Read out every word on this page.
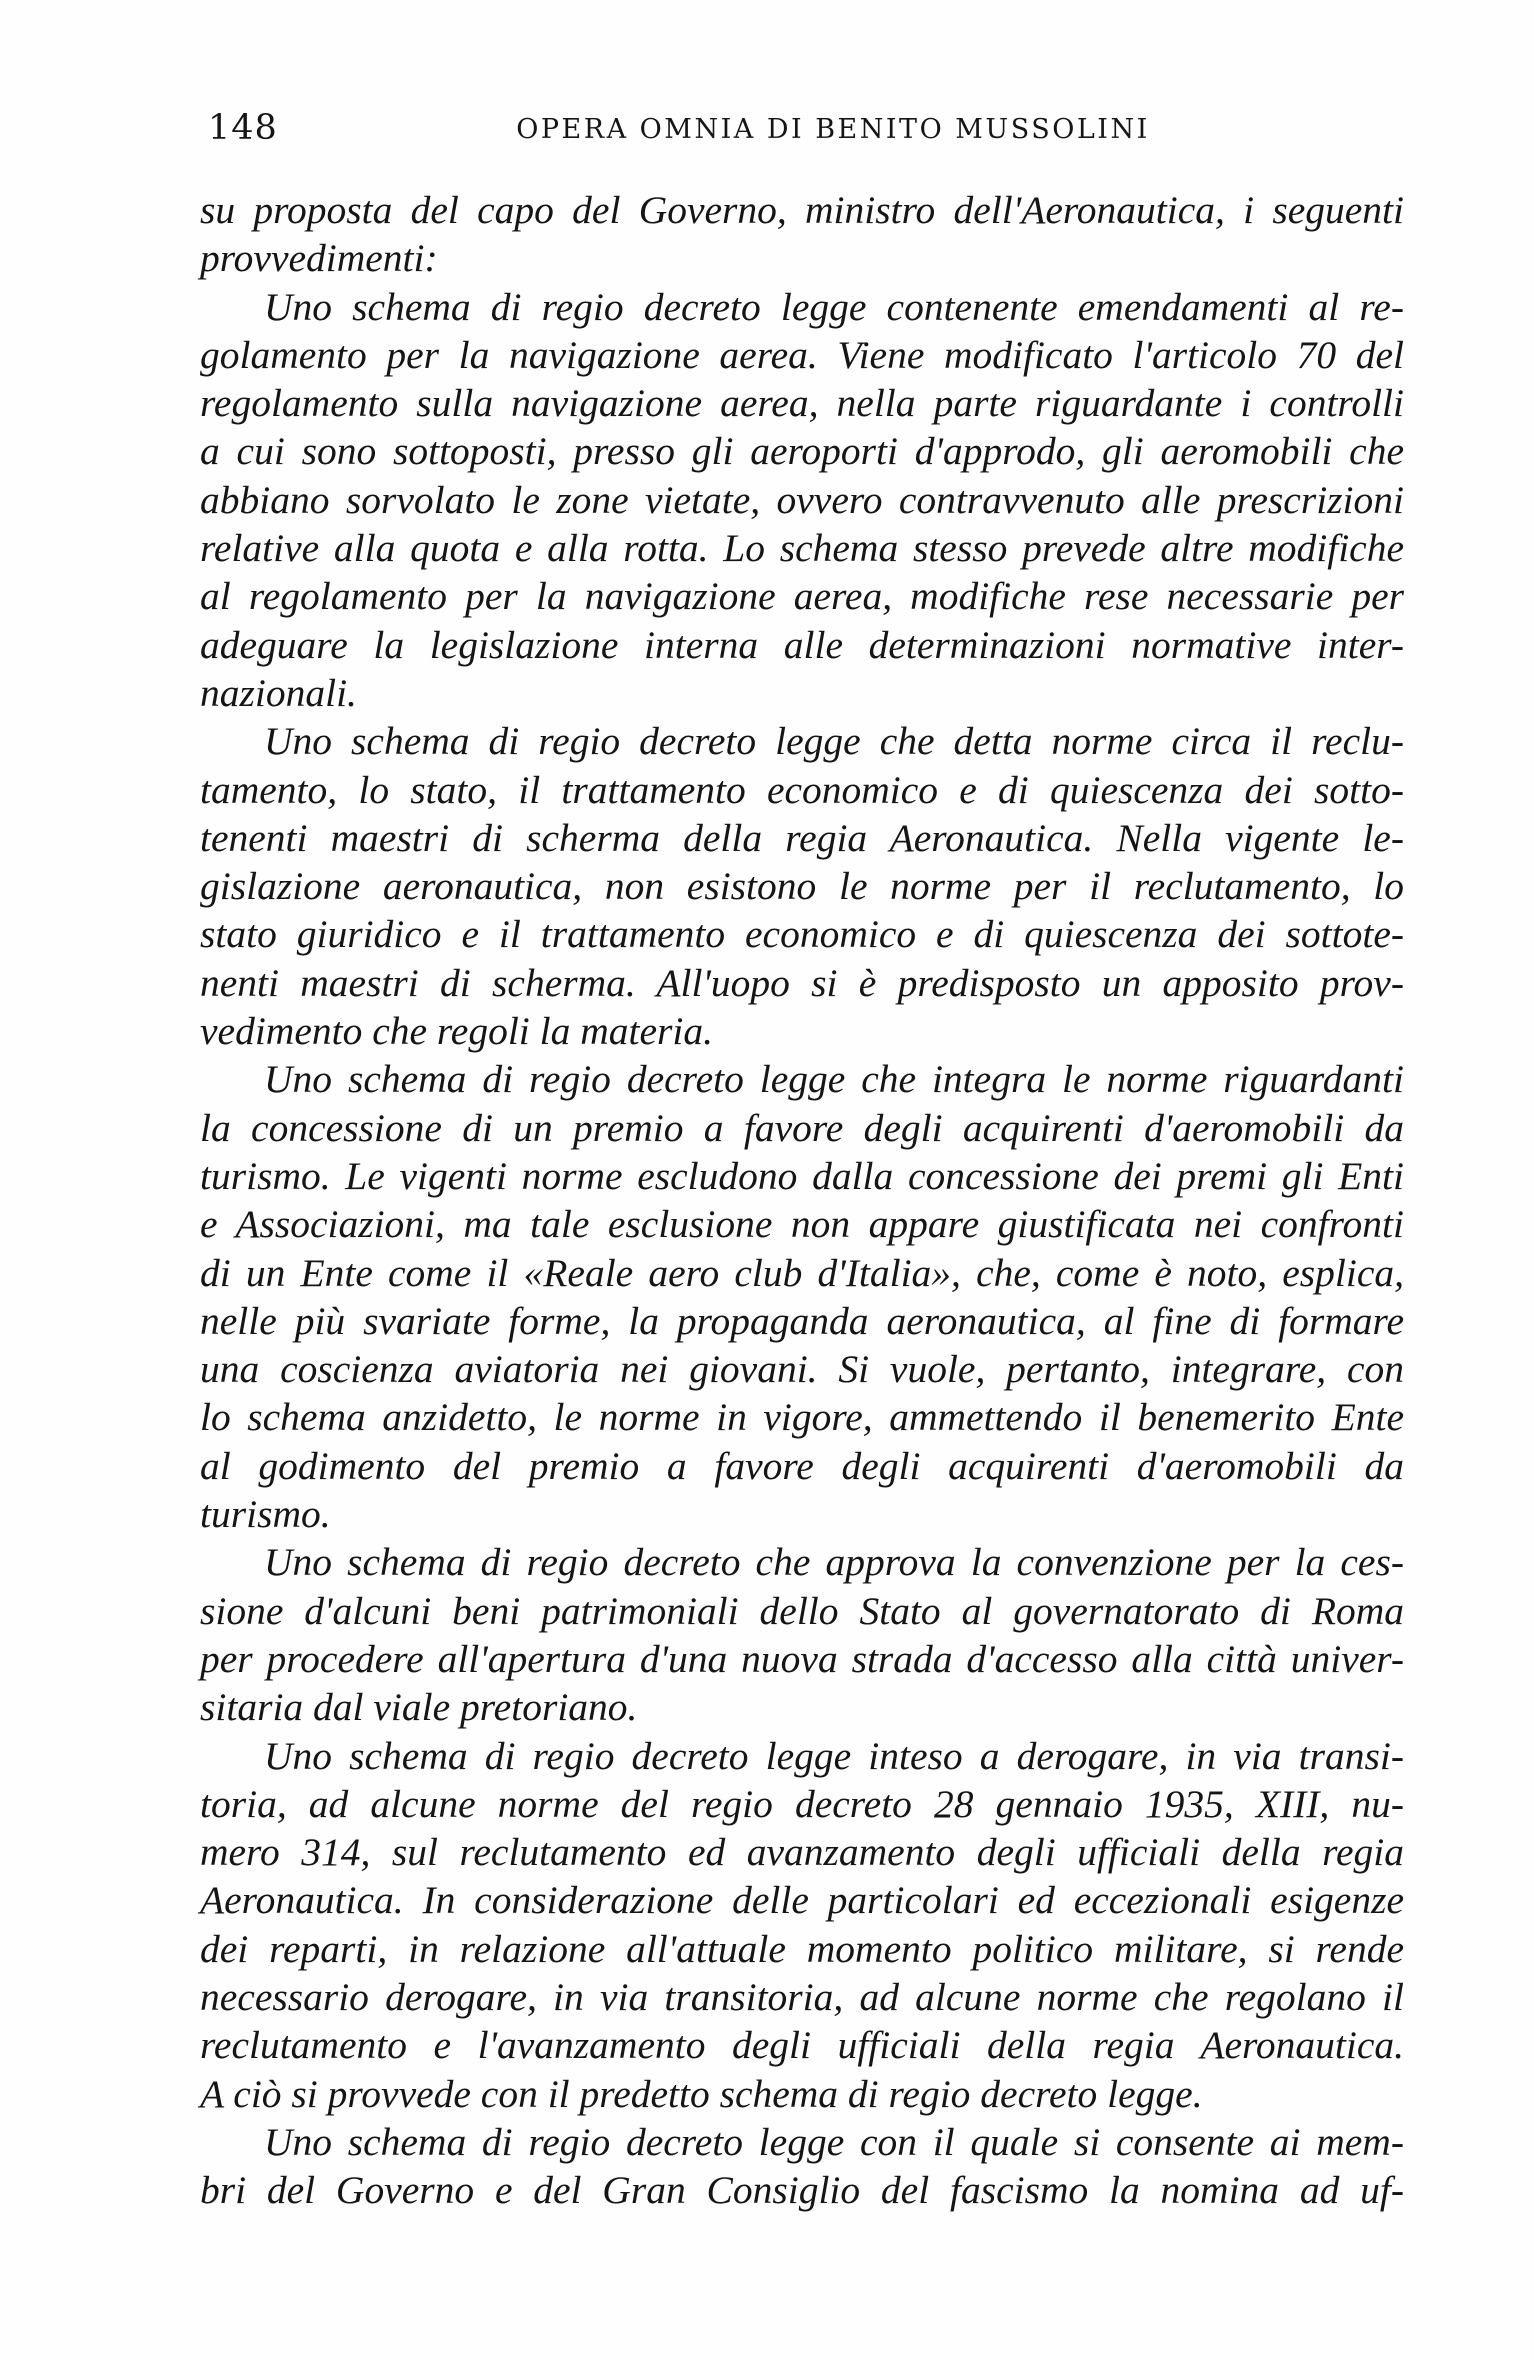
148	OPERA OMNIA DI BENITO MUSSOLINI
su proposta del capo del Governo, ministro dell'Aeronautica, i seguenti
provvedimenti:
Uno schema di regio decreto legge contenente emendamenti al re-
golamento per la navigazione aerea. Viene modificato l'articolo 70 del
regolamento sulla navigazione aerea, nella parte riguardante i controlli
a cui sono sottoposti, presso gli aeroporti d'approdo, gli aeromobili che
abbiano sorvolato le zone vietate, ovvero contravvenuto alle prescrizioni
relative alla quota e alla rotta. Lo schema stesso prevede altre modifiche
al regolamento per la navigazione aerea, modifiche rese necessarie per
adeguare la legislazione interna alle determinazioni normative inter-
nazionali.
Uno schema di regio decreto legge che detta norme circa il reclu-
tamento, lo stato, il trattamento economico e di quiescenza dei sotto-
tenenti maestri di scherma della regia Aeronautica. Nella vigente le-
gislazione aeronautica, non esistono le norme per il reclutamento, lo
stato giuridico e il trattamento economico e di quiescenza dei sottote-
nenti maestri di scherma. All'uopo si è predisposto un apposito prov-
vedimento che regoli la materia.
Uno schema di regio decreto legge che integra le norme riguardanti
la concessione di un premio a favore degli acquirenti d'aeromobili da
turismo. Le vigenti norme escludono dalla concessione dei premi gli Enti
e Associazioni, ma tale esclusione non appare giustificata nei confronti
di un Ente come il «Reale aero club d'Italia», che, come è noto, esplica,
nelle più svariate forme, la propaganda aeronautica, al fine di formare
una coscienza aviatoria nei giovani. Si vuole, pertanto, integrare, con
lo schema anzidetto, le norme in vigore, ammettendo il benemerito Ente
al godimento del premio a favore degli acquirenti d'aeromobili da
turismo.
Uno schema di regio decreto che approva la convenzione per la ces-
sione d'alcuni beni patrimoniali dello Stato al governatorato di Roma
per procedere all'apertura d'una nuova strada d'accesso alla città univer-
sitaria dal viale pretoriano.
Uno schema di regio decreto legge inteso a derogare, in via transi-
toria, ad alcune norme del regio decreto 28 gennaio 1935, XIII, nu-
mero 314, sul reclutamento ed avanzamento degli ufficiali della regia
Aeronautica. In considerazione delle particolari ed eccezionali esigenze
dei reparti, in relazione all'attuale momento politico militare, si rende
necessario derogare, in via transitoria, ad alcune norme che regolano il
reclutamento e l'avanzamento degli ufficiali della regia Aeronautica.
A ciò si provvede con il predetto schema di regio decreto legge.
Uno schema di regio decreto legge con il quale si consente ai mem-
bri del Governo e del Gran Consiglio del fascismo la nomina ad uf-
